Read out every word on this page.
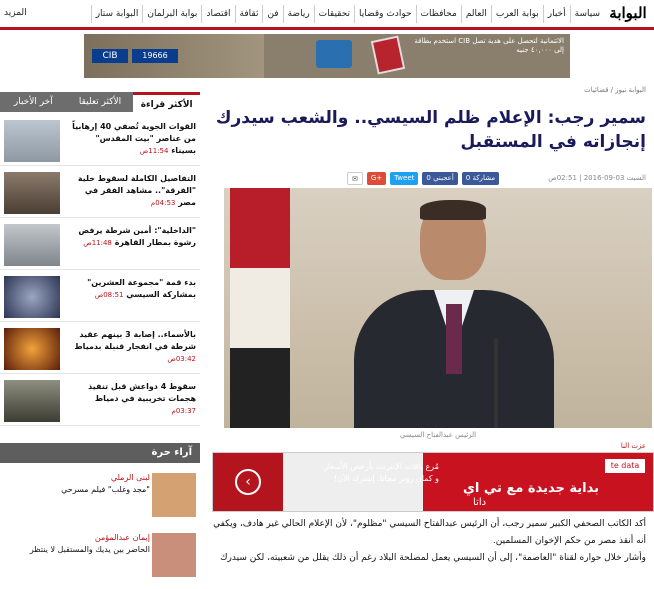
البوابة
سياسة
أخبار
بوابة العرب
العالم
محافظات
حوادث وقضايا
تحقيقات
رياضة
فن
ثقافة
اقتصاد
بوابة البرلمان
البوابة ستار
المزيد
CIB	19666
استخدم بطاقة CIB الائتمانية لتحصل على هدية تصل إلى ٤٠,٠٠٠ جنيه
البوابة نيوز / قضائيات
سمير رجب: الإعلام ظلم السيسي.. والشعب سيدرك إنجازاته في المستقبل
✉	G+	Tweet	أعجبني 0	مشاركة 0	السبت 03-09-2016 | 02:51ص
الرئيس عبدالفتاح السيسي
عزت النا
‹
مُرع باقات الإنترنت بأرخص الأسعار. و كمان روتر مجانا. إشترك الآن!
بداية جديدة مع تي اي
داتا
te data

أكد الكاتب الصحفي الكبير سمير رجب، أن الرئيس عبدالفتاح السيسي "مظلوم"، لأن الإعلام الحالي غير هادف، ويكفي أنه أنقذ مصر من حكم الإخوان المسلمين.

وأشار خلال حواره لقناة "العاصمة"، إلى أن السيسي يعمل لمصلحة البلاد رغم أن ذلك يقلل من شعبيته، لكن سيدرك

الأكثر قراءة
الأكثر تعليقا
آخر الأخبار
القوات الجوية تُصفي 40 إرهابياً من عناصر "بيت المقدس" بسيناء 11:54ص
التفاصيل الكاملة لسقوط خلية "الفرقة".. مشاهد الفقر في مصر 04:53م
"الداخلية": أمين شرطة يرفض رشوة بمطار القاهرة 11:48ص
بدء قمة "مجموعة العشرين" بمشاركة السيسي 08:51ص
بالأسماء.. إصابة 3 بينهم عقيد شرطة في انفجار قنبلة بدمياط 03:42ص
سقوط 4 دواعش قبل تنفيذ هجمات تخريبية في دمياط 03:37م
آراء حرة
لبنى الرملي
"مجد وغلب" فيلم مسرحي
إيمان عبدالمؤمن
الحاضر بين يديك والمستقبل لا ينتظر
